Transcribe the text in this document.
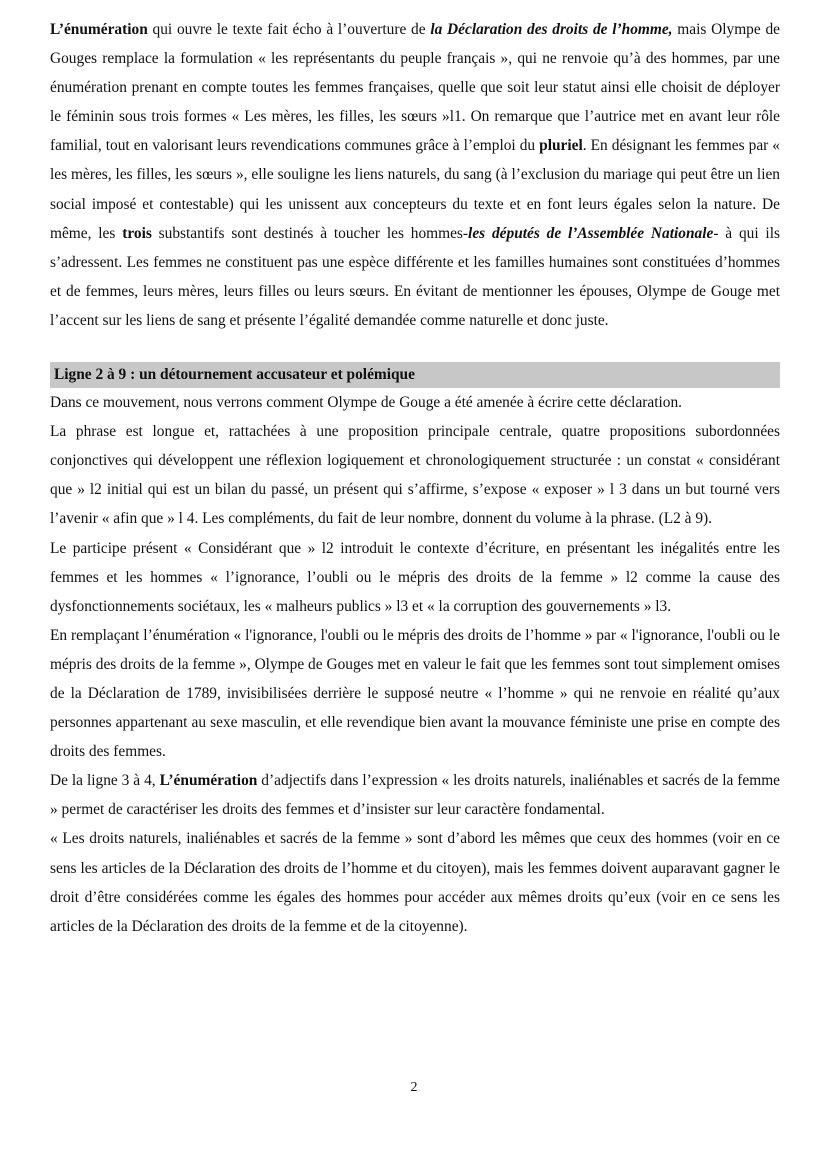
L’énumération qui ouvre le texte fait écho à l’ouverture de la Déclaration des droits de l’homme, mais Olympe de Gouges remplace la formulation « les représentants du peuple français », qui ne renvoie qu’à des hommes, par une énumération prenant en compte toutes les femmes françaises, quelle que soit leur statut ainsi elle choisit de déployer le féminin sous trois formes « Les mères, les filles, les sœurs »l1. On remarque que l’autrice met en avant leur rôle familial, tout en valorisant leurs revendications communes grâce à l’emploi du pluriel. En désignant les femmes par « les mères, les filles, les sœurs », elle souligne les liens naturels, du sang (à l’exclusion du mariage qui peut être un lien social imposé et contestable) qui les unissent aux concepteurs du texte et en font leurs égales selon la nature. De même, les trois substantifs sont destinés à toucher les hommes-les députés de l’Assemblée Nationale- à qui ils s’adressent. Les femmes ne constituent pas une espèce différente et les familles humaines sont constituées d’hommes et de femmes, leurs mères, leurs filles ou leurs sœurs. En évitant de mentionner les épouses, Olympe de Gouge met l’accent sur les liens de sang et présente l’égalité demandée comme naturelle et donc juste.

Ligne 2 à 9 : un détournement accusateur et polémique

Dans ce mouvement, nous verrons comment Olympe de Gouge a été amenée à écrire cette déclaration.

La phrase est longue et, rattachées à une proposition principale centrale, quatre propositions subordonnées conjonctives qui développent une réflexion logiquement et chronologiquement structurée : un constat « considérant que » l2 initial qui est un bilan du passé, un présent qui s’affirme, s’expose « exposer » l 3 dans un but tourné vers l’avenir « afin que » l 4. Les compléments, du fait de leur nombre, donnent du volume à la phrase. (L2 à 9).

Le participe présent « Considérant que » l2 introduit le contexte d’écriture, en présentant les inégalités entre les femmes et les hommes « l’ignorance, l’oubli ou le mépris des droits de la femme » l2 comme la cause des dysfonctionnements sociétaux, les « malheurs publics » l3 et « la corruption des gouvernements » l3.

En remplaçant l’énumération « l'ignorance, l'oubli ou le mépris des droits de l’homme » par « l'ignorance, l'oubli ou le mépris des droits de la femme », Olympe de Gouges met en valeur le fait que les femmes sont tout simplement omises de la Déclaration de 1789, invisibilisées derrière le supposé neutre « l’homme » qui ne renvoie en réalité qu’aux personnes appartenant au sexe masculin, et elle revendique bien avant la mouvance féministe une prise en compte des droits des femmes.

De la ligne 3 à 4, L’énumération d’adjectifs dans l’expression « les droits naturels, inaliénables et sacrés de la femme » permet de caractériser les droits des femmes et d’insister sur leur caractère fondamental.

« Les droits naturels, inaliénables et sacrés de la femme » sont d’abord les mêmes que ceux des hommes (voir en ce sens les articles de la Déclaration des droits de l’homme et du citoyen), mais les femmes doivent auparavant gagner le droit d’être considérées comme les égales des hommes pour accéder aux mêmes droits qu’eux (voir en ce sens les articles de la Déclaration des droits de la femme et de la citoyenne).

2
